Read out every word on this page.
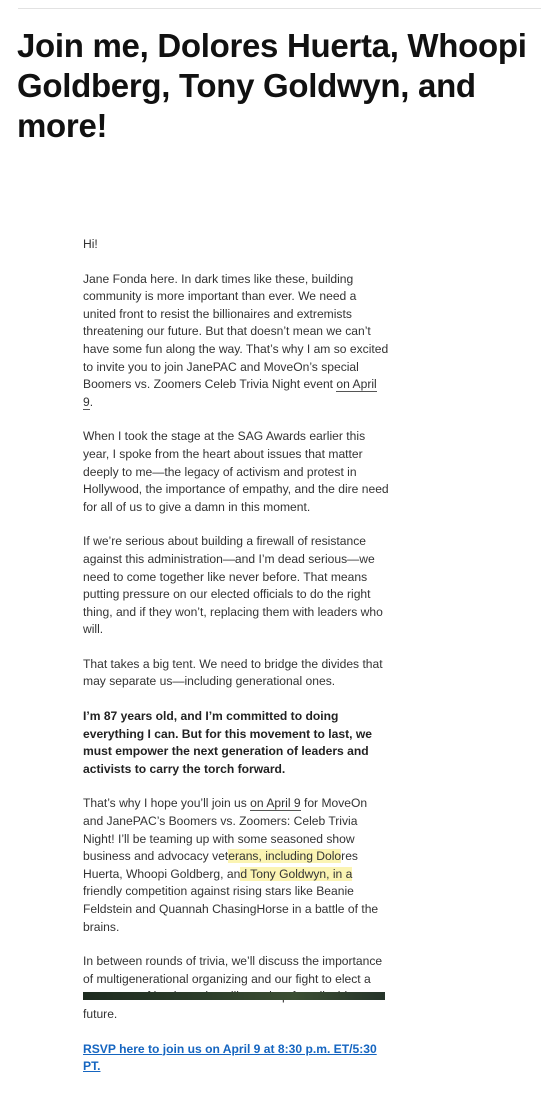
Join me, Dolores Huerta, Whoopi Goldberg, Tony Goldwyn, and more!

Hi!

Jane Fonda here. In dark times like these, building community is more important than ever. We need a united front to resist the billionaires and extremists threatening our future. But that doesn’t mean we can’t have some fun along the way. That’s why I am so excited to invite you to join JanePAC and MoveOn’s special Boomers vs. Zoomers Celeb Trivia Night event on April 9.

When I took the stage at the SAG Awards earlier this year, I spoke from the heart about issues that matter deeply to me—the legacy of activism and protest in Hollywood, the importance of empathy, and the dire need for all of us to give a damn in this moment.

If we’re serious about building a firewall of resistance against this administration—and I’m dead serious—we need to come together like never before. That means putting pressure on our elected officials to do the right thing, and if they won’t, replacing them with leaders who will.

That takes a big tent. We need to bridge the divides that may separate us—including generational ones.

I’m 87 years old, and I’m committed to doing everything I can. But for this movement to last, we must empower the next generation of leaders and activists to carry the torch forward.

That’s why I hope you’ll join us on April 9 for MoveOn and JanePAC’s Boomers vs. Zoomers: Celeb Trivia Night! I’ll be teaming up with some seasoned show business and advocacy veterans, including Dolores Huerta, Whoopi Goldberg, and Tony Goldwyn, in a friendly competition against rising stars like Beanie Feldstein and Quannah ChasingHorse in a battle of the brains.

In between rounds of trivia, we’ll discuss the importance of multigenerational organizing and our fight to elect a future.

RSVP here to join us on April 9 at 8:30 p.m. ET/5:30 PT.
